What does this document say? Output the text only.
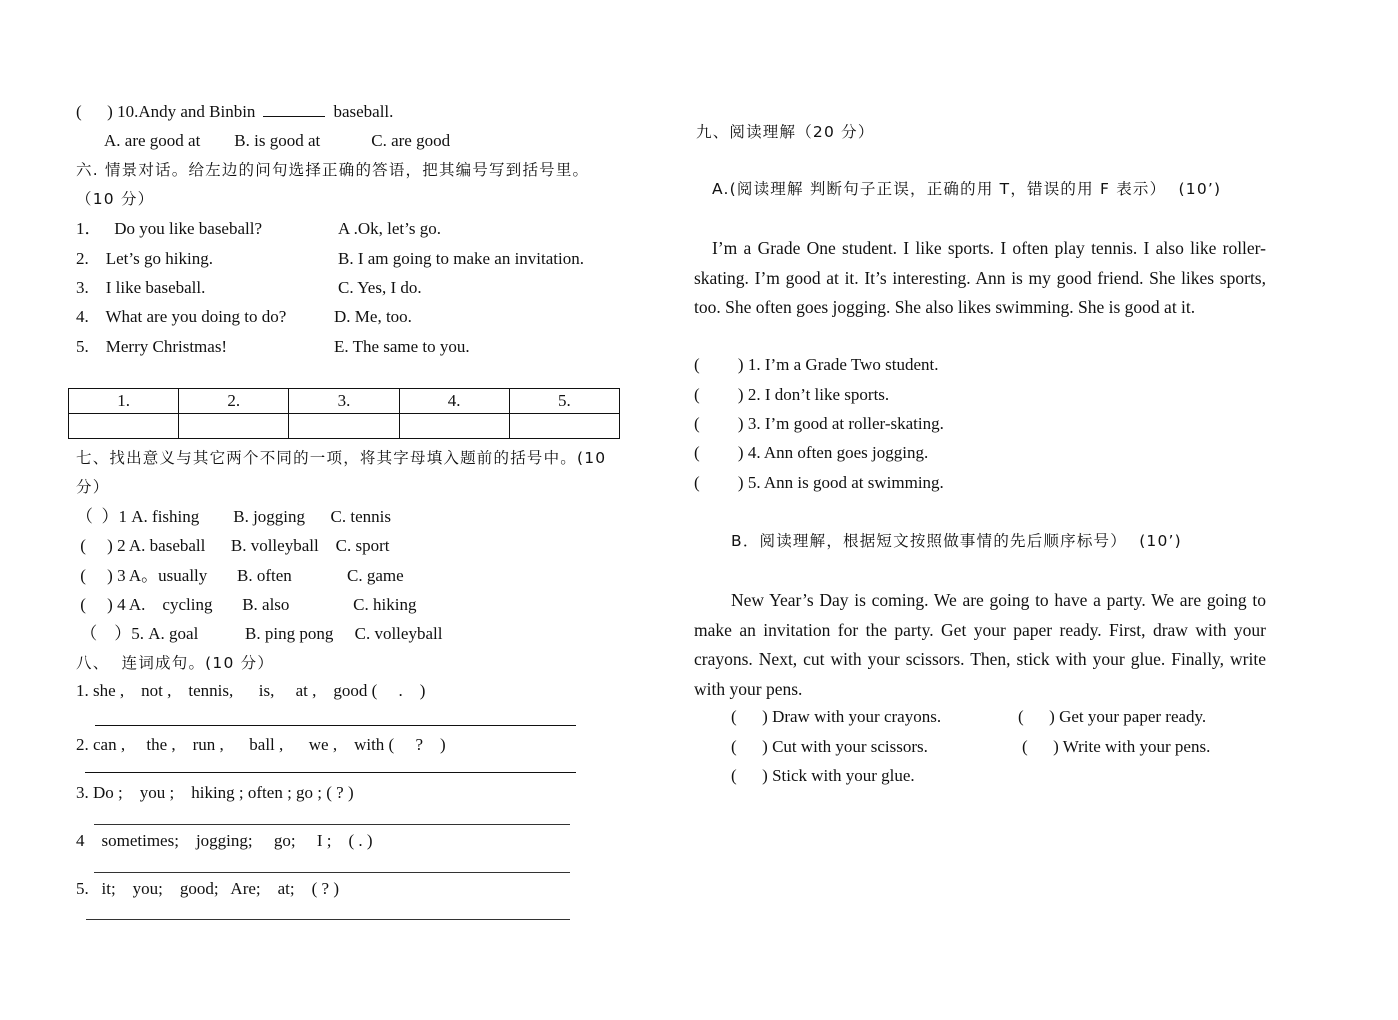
(      ) 10.Andy and Binbin	baseball.
A. are good at        B. is good at            C. are good
六. 情景对话。给左边的问句选择正确的答语，把其编号写到括号里。
（10 分）
1．   Do you like baseball?	A .Ok, let’s go.
2.    Let’s go hiking.	B. I am going to make an invitation.
3.    I like baseball.	C. Yes, I do.
4.    What are you doing to do?	D. Me, too.
5.    Merry Christmas!	E. The same to you.
1.	2.	3.	4.	5.

七、找出意义与其它两个不同的一项，将其字母填入题前的括号中。(10
分）
（  ）1 A. fishing        B. jogging      C. tennis
(     ) 2 A. baseball      B. volleyball    C. sport
(     ) 3 A。usually       B. often             C. game
(     ) 4 A.    cycling       B. also               C. hiking
（    ）5. A. goal           B. ping pong     C. volleyball
八、  连词成句。(10 分）
1. she ,    not ,    tennis,      is,     at ,    good (     .    )
2. can ,     the ,    run ,      ball ,      we ,    with (     ?    )
3. Do ;    you ;    hiking ; often ; go ; ( ? )
4    sometimes;    jogging;     go;     I ;    ( . )
5.   it;    you;    good;   Are;    at;    ( ? )
九、阅读理解（20 分）
A.(阅读理解 判断句子正误，正确的用 T，错误的用 F 表示）  (10’)
I’m a Grade One student. I like sports. I often play tennis. I also like roller-skating. I’m good at it. It’s interesting. Ann is my good friend. She likes sports, too. She often goes jogging. She also likes swimming. She is good at it.
(         ) 1. I’m a Grade Two student.
(         ) 2. I don’t like sports.
(         ) 3. I’m good at roller-skating.
(         ) 4. Ann often goes jogging.
(         ) 5. Ann is good at swimming.
B．阅读理解，根据短文按照做事情的先后顺序标号）  (10’)
New Year’s Day is coming. We are going to have a party. We are going to make an invitation for the party. Get your paper ready. First, draw with your crayons. Next, cut with your scissors. Then, stick with your glue. Finally, write with your pens.
(      ) Draw with your crayons.	(      ) Get your paper ready.
(      ) Cut with your scissors.	(      ) Write with your pens.
(      ) Stick with your glue.
